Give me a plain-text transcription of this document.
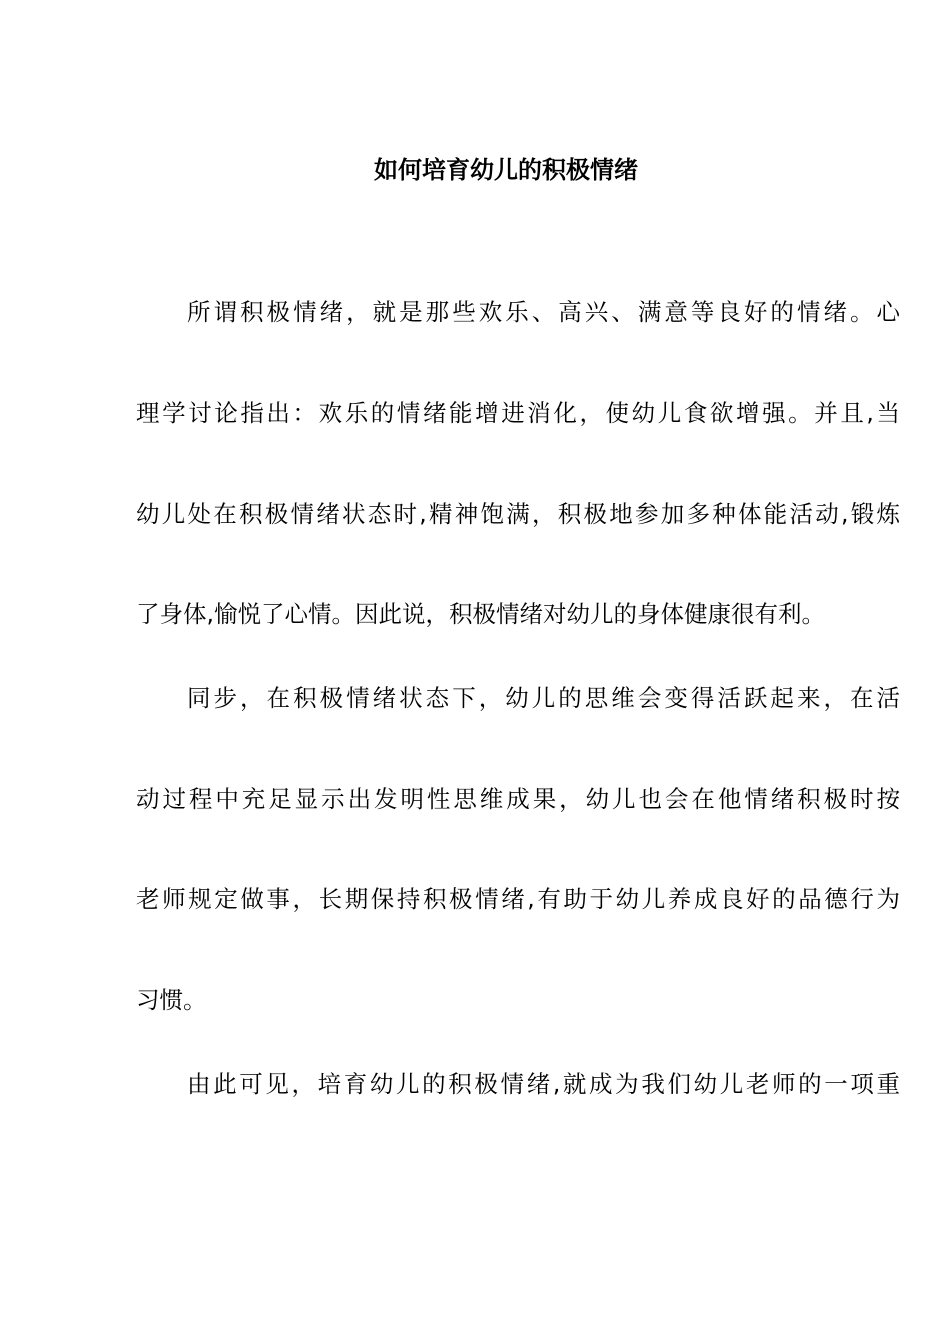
如何培育幼儿的积极情绪
所谓积极情绪，就是那些欢乐、高兴、满意等良好的情绪。心
理学讨论指出：欢乐的情绪能增进消化，使幼儿食欲增强。并且,当
幼儿处在积极情绪状态时,精神饱满，积极地参加多种体能活动,锻炼
了身体,愉悦了心情。因此说，积极情绪对幼儿的身体健康很有利。
同步，在积极情绪状态下，幼儿的思维会变得活跃起来，在活
动过程中充足显示出发明性思维成果，幼儿也会在他情绪积极时按
老师规定做事，长期保持积极情绪,有助于幼儿养成良好的品德行为
习惯。
由此可见，培育幼儿的积极情绪,就成为我们幼儿老师的一项重
